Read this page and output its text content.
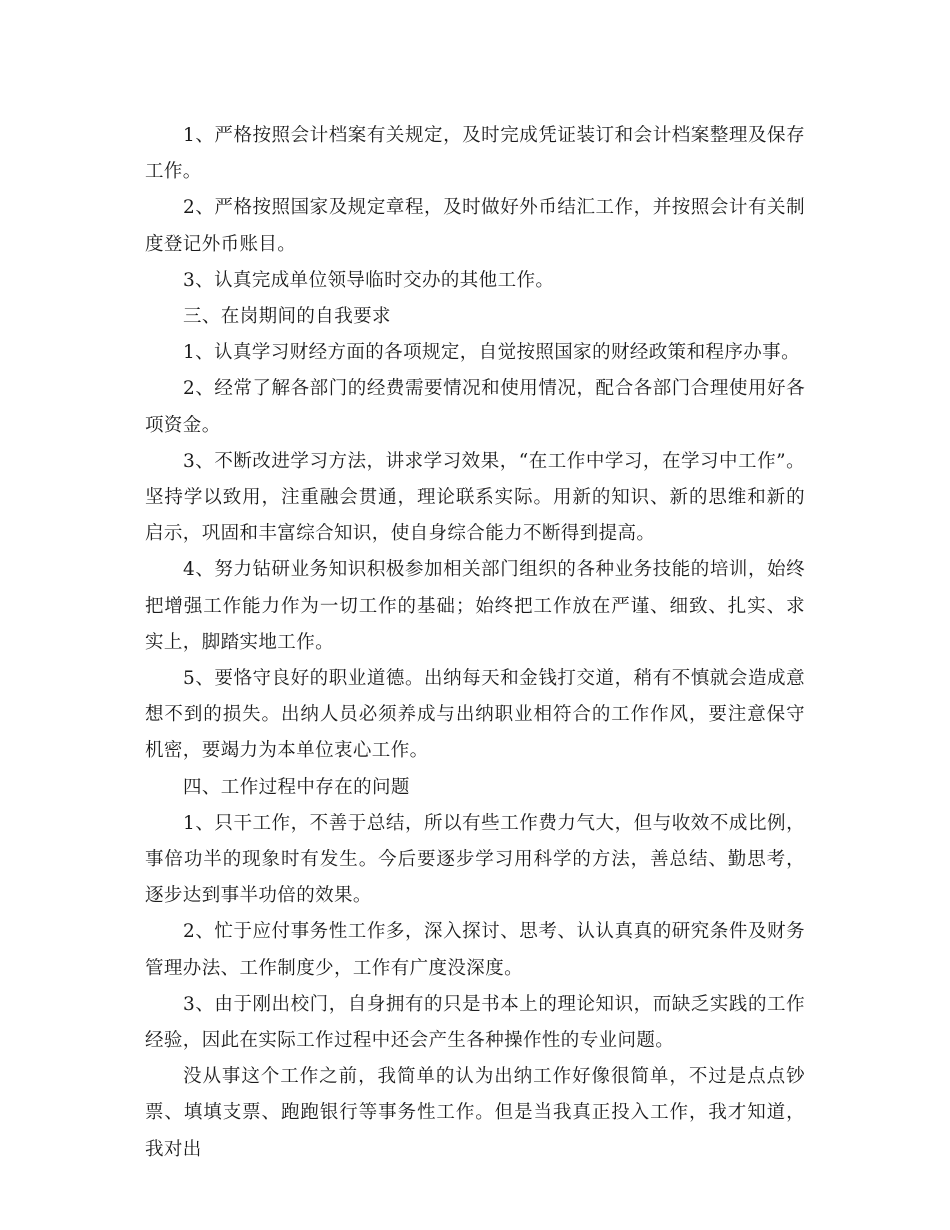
1、严格按照会计档案有关规定，及时完成凭证装订和会计档案整理及保存工作。

2、严格按照国家及规定章程，及时做好外币结汇工作，并按照会计有关制度登记外币账目。

3、认真完成单位领导临时交办的其他工作。

三、在岗期间的自我要求

1、认真学习财经方面的各项规定，自觉按照国家的财经政策和程序办事。

2、经常了解各部门的经费需要情况和使用情况，配合各部门合理使用好各项资金。

3、不断改进学习方法，讲求学习效果，“在工作中学习，在学习中工作”。坚持学以致用，注重融会贯通，理论联系实际。用新的知识、新的思维和新的启示，巩固和丰富综合知识，使自身综合能力不断得到提高。

4、努力钻研业务知识积极参加相关部门组织的各种业务技能的培训，始终把增强工作能力作为一切工作的基础；始终把工作放在严谨、细致、扎实、求实上，脚踏实地工作。

5、要恪守良好的职业道德。出纳每天和金钱打交道，稍有不慎就会造成意想不到的损失。出纳人员必须养成与出纳职业相符合的工作作风，要注意保守机密，要竭力为本单位衷心工作。

四、工作过程中存在的问题

1、只干工作，不善于总结，所以有些工作费力气大，但与收效不成比例，事倍功半的现象时有发生。今后要逐步学习用科学的方法，善总结、勤思考，逐步达到事半功倍的效果。

2、忙于应付事务性工作多，深入探讨、思考、认认真真的研究条件及财务管理办法、工作制度少，工作有广度没深度。

3、由于刚出校门，自身拥有的只是书本上的理论知识，而缺乏实践的工作经验，因此在实际工作过程中还会产生各种操作性的专业问题。

没从事这个工作之前，我简单的认为出纳工作好像很简单，不过是点点钞票、填填支票、跑跑银行等事务性工作。但是当我真正投入工作，我才知道，我对出
